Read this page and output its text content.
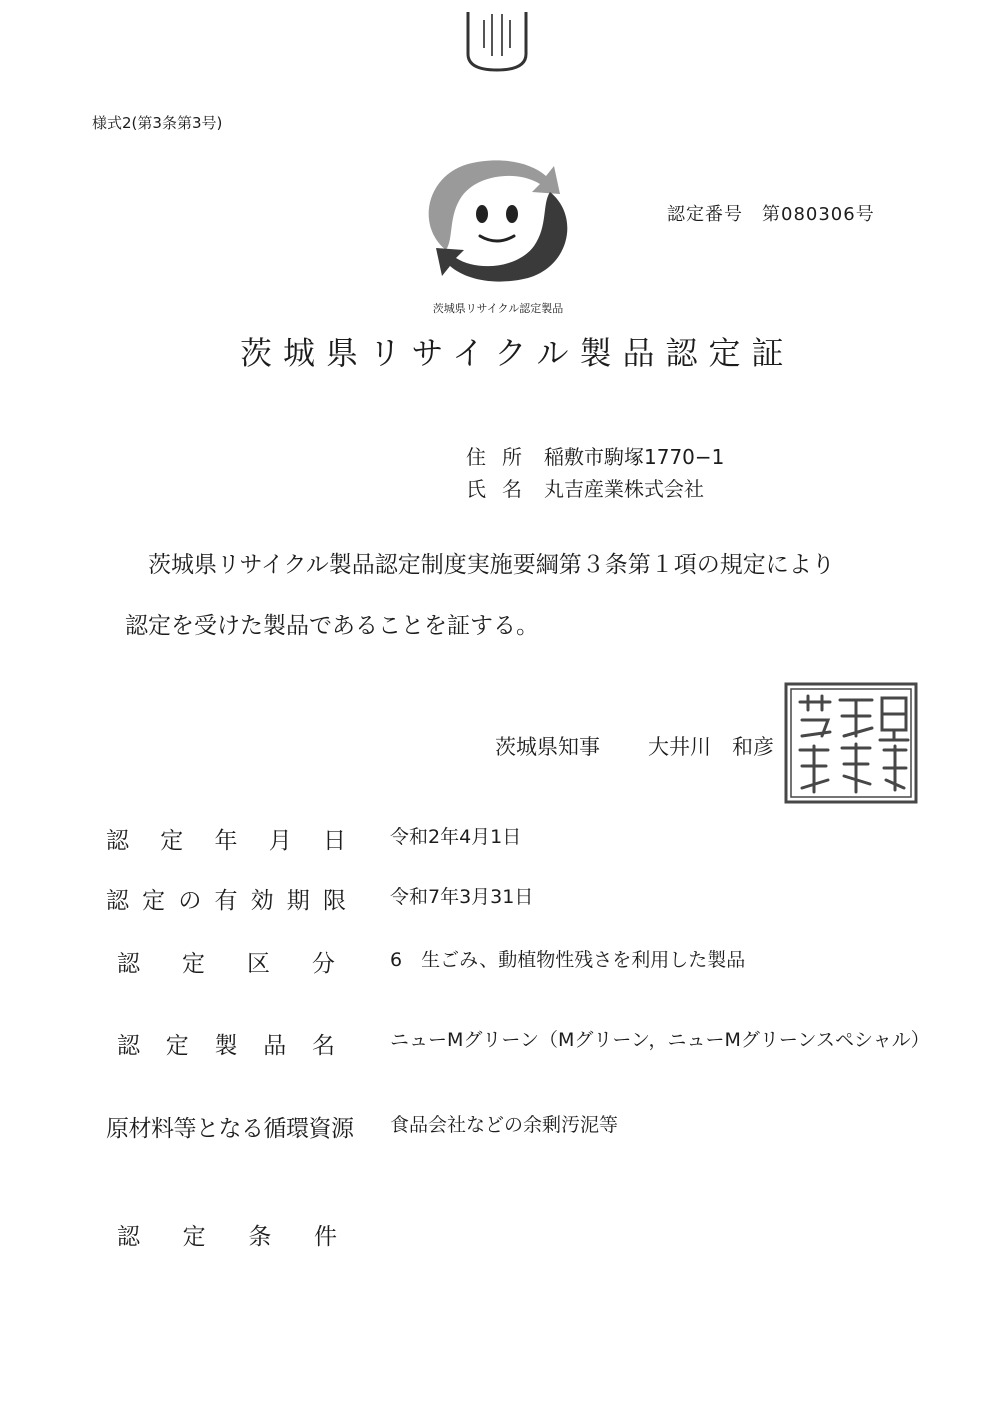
様式2(第3条第3号)
茨城県リサイクル認定製品
認定番号　第080306号
茨城県リサイクル製品認定証
住所 稲敷市駒塚1770−1
氏名 丸吉産業株式会社
茨城県リサイクル製品認定制度実施要綱第３条第１項の規定により
認定を受けた製品であることを証する。
茨城県知事 大井川　和彦
認 定 年 月 日 令和2年4月1日
認 定 の 有 効 期 限 令和7年3月31日
認 定 区 分	6　生ごみ、動植物性残さを利用した製品
認 定 製 品 名	ニューMグリーン（Mグリーン，ニューMグリーンスペシャル）
原材料等となる循環資源 食品会社などの余剰汚泥等
認 定 条 件
